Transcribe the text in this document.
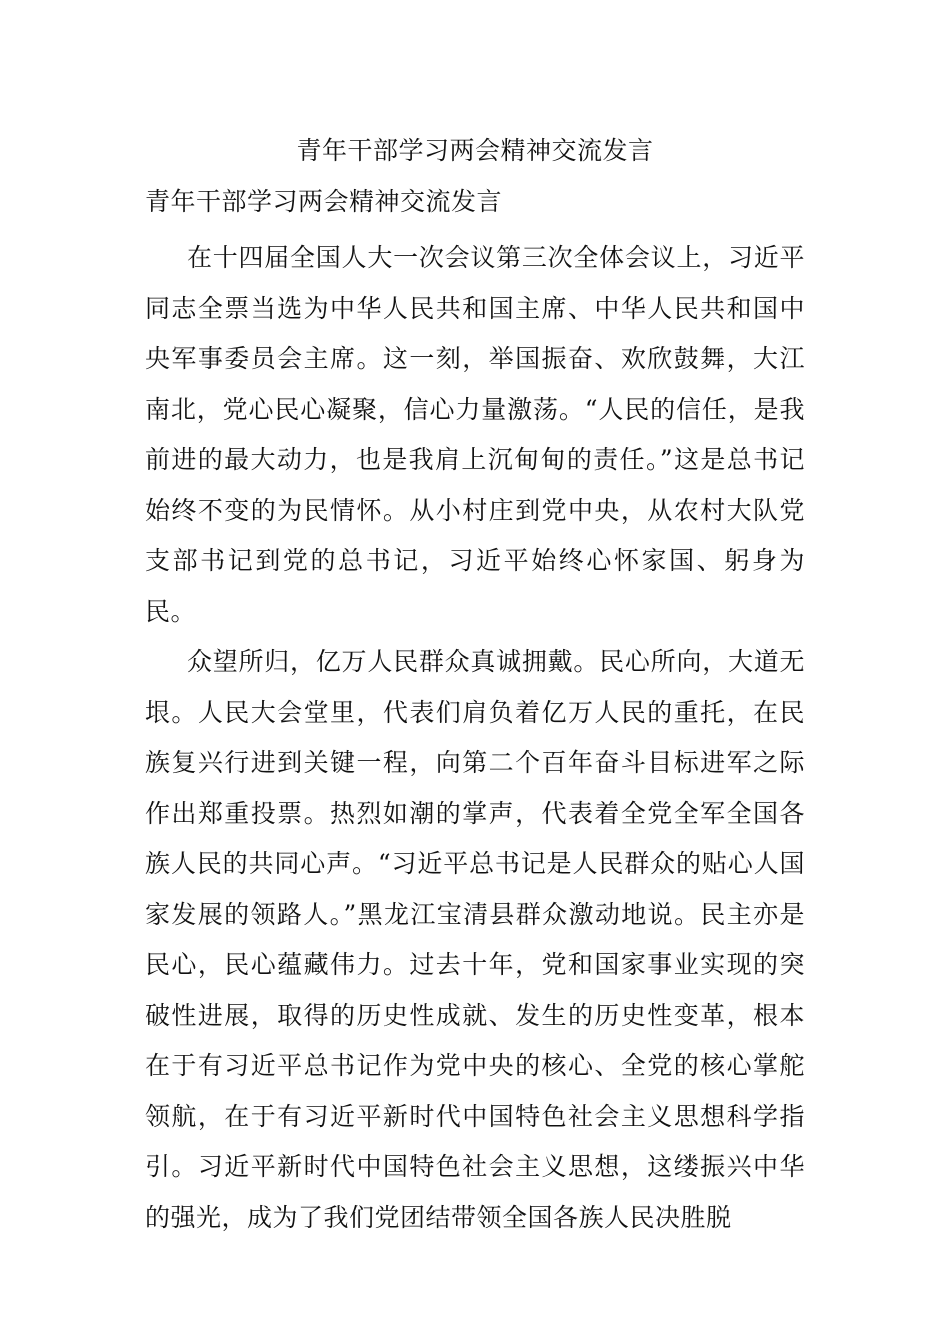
青年干部学习两会精神交流发言
青年干部学习两会精神交流发言

在十四届全国人大一次会议第三次全体会议上，习近平同志全票当选为中华人民共和国主席、中华人民共和国中央军事委员会主席。这一刻，举国振奋、欢欣鼓舞，大江南北，党心民心凝聚，信心力量激荡。“人民的信任，是我前进的最大动力，也是我肩上沉甸甸的责任。”这是总书记始终不变的为民情怀。从小村庄到党中央，从农村大队党支部书记到党的总书记，习近平始终心怀家国、躬身为民。

众望所归，亿万人民群众真诚拥戴。民心所向，大道无垠。人民大会堂里，代表们肩负着亿万人民的重托，在民族复兴行进到关键一程，向第二个百年奋斗目标进军之际作出郑重投票。热烈如潮的掌声，代表着全党全军全国各族人民的共同心声。“习近平总书记是人民群众的贴心人国家发展的领路人。”黑龙江宝清县群众激动地说。民主亦是民心，民心蕴藏伟力。过去十年，党和国家事业实现的突破性进展，取得的历史性成就、发生的历史性变革，根本在于有习近平总书记作为党中央的核心、全党的核心掌舵领航，在于有习近平新时代中国特色社会主义思想科学指引。习近平新时代中国特色社会主义思想，这缕振兴中华的强光，成为了我们党团结带领全国各族人民决胜脱
